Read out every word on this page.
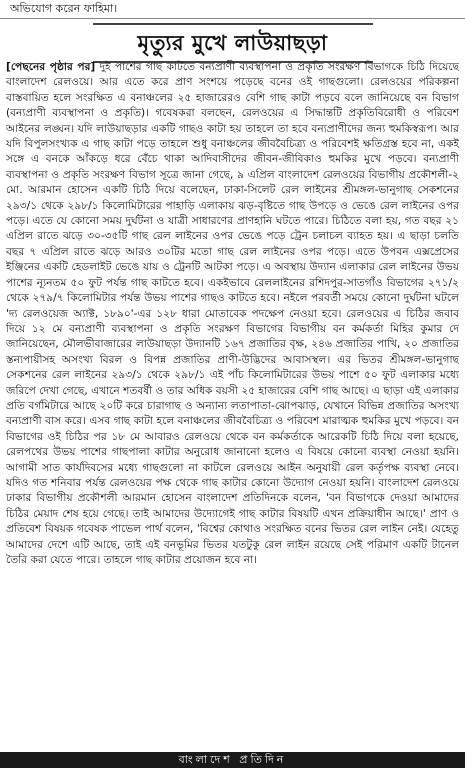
অভিযোগ করেন ফাহিমা।
মৃত্যুর মুখে লাউয়াছড়া

[পেছনের পৃষ্ঠার পর] দুই পাশের গাছ কাটতে বন্যপ্রাণী ব্যবস্থাপনা ও প্রকৃতি সংরক্ষণ বিভাগকে চিঠি দিয়েছে বাংলাদেশ রেলওয়ে। আর এতে করে প্রাণ সংশয়ে পড়েছে বনের ওই গাছগুলো। রেলওয়ের পরিকল্পনা বাস্তবায়িত হলে সংরক্ষিত এ বনাঞ্চলের ২৫ হাজারেরও বেশি গাছ কাটা পড়বে বলে জানিয়েছে বন বিভাগ (বন্যপ্রাণী ব্যবস্থাপনা ও প্রকৃতি)। গবেষকরা বলছেন, রেলওয়ের এ সিদ্ধান্তটি প্রকৃতিবিরোধী ও পরিবেশ আইনের লঙ্ঘন। যদি লাউয়াছড়ার একটি গাছও কাটা হয় তাহলে তা হবে বন্যপ্রাণীদের জন্য হুমকিস্বরূপ। আর যদি বিপুলসংখ্যক এ গাছ কাটা পড়ে তাহলে শুধু বনাঞ্চলের জীববৈচিত্র্য ও পরিবেশই ক্ষতিগ্রস্ত হবে না, একই সঙ্গে এ বনকে আঁকড়ে ধরে বেঁচে থাকা আদিবাসীদের জীবন-জীবিকাও হুমকির মুখে পড়বে। বন্যপ্রাণী ব্যবস্থাপনা ও প্রকৃতি সংরক্ষণ বিভাগ সূত্রে জানা গেছে, ৯ এপ্রিল বাংলাদেশ রেলওয়ের বিভাগীয় প্রকৌশলী-২ মো. আরমান হোসেন একটি চিঠি দিয়ে বলেছেন, ঢাকা-সিলেট রেল লাইনের শ্রীমঙ্গল-ভানুগাছ সেকশনের ২৯৩/১ থেকে ২৯৮/১ কিলোমিটারের পাহাড়ি এলাকায় ঝড়-বৃষ্টিতে গাছ উপড়ে ও ভেঙে রেল লাইনের ওপর পড়ে। এতে যে কোনো সময় দুর্ঘটনা ও যাত্রী সাধারণের প্রাণহানি ঘটতে পারে। চিঠিতে বলা হয়, গত বছর ২১ এপ্রিল রাতে ঝড়ে ৩০-৩৫টি গাছ রেল লাইনের ওপর ভেঙে পড়ে ট্রেন চলাচল ব্যাহত হয়। এ ছাড়া চলতি বছর ৭ এপ্রিল রাতে ঝড়ে আরও ৩০টির মতো গাছ রেল লাইনের ওপর পড়ে। এতে উপবন এক্সপ্রেসের ইঞ্জিনের একটি হেডলাইট ভেঙে যায় ও ট্রেনটি আটকা পড়ে। এ অবস্থায় উদ্যান এলাকার রেল লাইনের উভয় পাশের ন্যূনতম ৫০ ফুট পর্যন্ত গাছ কাটতে হবে। একইভাবে রেললাইনের রশিদপুর-সাতগাঁও বিভাগের ২৭১/২ থেকে ২৭৯/৭ কিলোমিটার পর্যন্ত উভয় পাশের গাছও কাটতে হবে। নইলে পরবর্তী সময়ে কোনো দুর্ঘটনা ঘটলে 'দ্য রেলওয়েজ অ্যাক্ট, ১৮৯০'-এর ১২৮ ধারা মোতাবেক পদক্ষেপ নেওয়া হবে। রেলওয়ের এ চিঠির জবাব দিয়ে ১২ মে বন্যপ্রাণী ব্যবস্থাপনা ও প্রকৃতি সংরক্ষণ বিভাগের বিভাগীয় বন কর্মকর্তা মিহির কুমার দে জানিয়েছেন, মৌলভীবাজারের লাউয়াছড়া উদ্যানটি ১৬৭ প্রজাতির বৃক্ষ, ২৪৬ প্রজাতির পাখি, ২০ প্রজাতির স্তন্যপায়ীসহ অসংখ্য বিরল ও বিপন্ন প্রজাতির প্রাণী-উদ্ভিদের আবাসস্থল। এর ভিতর শ্রীমঙ্গল-ভানুগাছ সেকশনের রেল লাইনের ২৯৩/১ থেকে ২৯৮/১ এই পাঁচ কিলোমিটারের উভয় পাশে ৫০ ফুট এলাকার মধ্যে জরিপে দেখা গেছে, এখানে শতবর্ষী ও তার অধিক বয়সী ২৫ হাজারের বেশি গাছ আছে। এ ছাড়া এই এলাকার প্রতি বর্গমিটারে আছে ২০টি করে চারাগাছ ও অন্যান্য লতাপাতা-ঝোপঝাড়, যেখানে বিভিন্ন প্রজাতির অসংখ্য বন্যপ্রাণী বাস করে। এসব গাছ কাটা হলে বনাঞ্চলের জীববৈচিত্র্য ও পরিবেশ মারাত্মক হুমকির মুখে পড়বে। বন বিভাগের ওই চিঠির পর ১৮ মে আবারও রেলওয়ে থেকে বন কর্মকর্তাকে আরেকটি চিঠি দিয়ে বলা হয়েছে, রেলপথের উভয় পাশের গাছপালা কাটার অনুরোধ জানানো হলেও এ বিষয়ে কোনো ব্যবস্থা নেওয়া হয়নি। আগামী সাত কার্যদিবসের মধ্যে গাছগুলো না কাটলে রেলওয়ে আইন অনুযায়ী রেল কর্তৃপক্ষ ব্যবস্থা নেবে। যদিও গত শনিবার পর্যন্ত রেলওয়ের পক্ষ থেকে গাছ কাটার কোনো উদ্যোগ নেওয়া হয়নি। বাংলাদেশ রেলওয়ে ঢাকার বিভাগীয় প্রকৌশলী আরমান হোসেন বাংলাদেশ প্রতিদিনকে বলেন, 'বন বিভাগকে দেওয়া আমাদের চিঠির মেয়াদ শেষ হয়ে গেছে। তাই আমাদের উদ্যোগেই গাছ কাটার বিষয়টি এখন প্রক্রিয়াধীন আছে।' প্রাণ ও প্রতিবেশ বিষয়ক গবেষক পাভেল পার্থ বলেন, 'বিশ্বের কোথাও সংরক্ষিত বনের ভিতর রেল লাইন নেই। যেহেতু আমাদের দেশে এটি আছে, তাই এই বনভূমির ভিতর যতটুকু রেল লাইন রয়েছে সেই পরিমাণ একটি টানেল তৈরি করা যেতে পারে। তাহলে গাছ কাটার প্রয়োজন হবে না।

বাংলাদেশ প্রতিদিন
